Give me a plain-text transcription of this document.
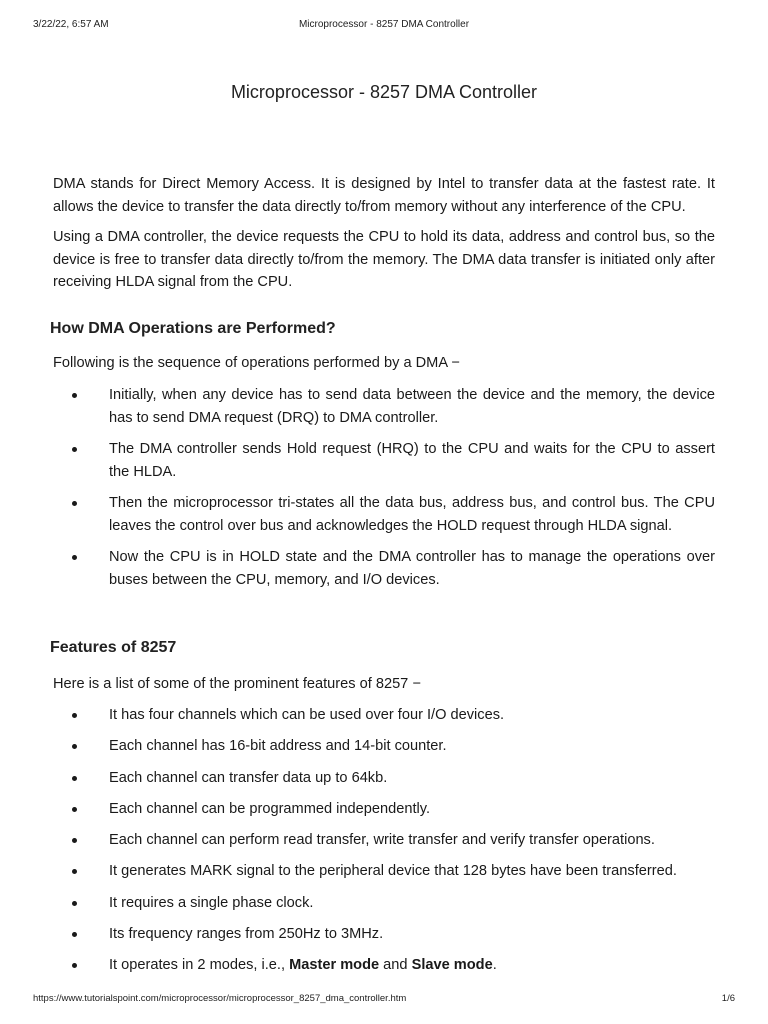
3/22/22, 6:57 AM	Microprocessor - 8257 DMA Controller
Microprocessor - 8257 DMA Controller

DMA stands for Direct Memory Access. It is designed by Intel to transfer data at the fastest rate. It allows the device to transfer the data directly to/from memory without any interference of the CPU.

Using a DMA controller, the device requests the CPU to hold its data, address and control bus, so the device is free to transfer data directly to/from the memory. The DMA data transfer is initiated only after receiving HLDA signal from the CPU.

How DMA Operations are Performed?

Following is the sequence of operations performed by a DMA −

Initially, when any device has to send data between the device and the memory, the device has to send DMA request (DRQ) to DMA controller.
The DMA controller sends Hold request (HRQ) to the CPU and waits for the CPU to assert the HLDA.
Then the microprocessor tri-states all the data bus, address bus, and control bus. The CPU leaves the control over bus and acknowledges the HOLD request through HLDA signal.
Now the CPU is in HOLD state and the DMA controller has to manage the operations over buses between the CPU, memory, and I/O devices.
Features of 8257

Here is a list of some of the prominent features of 8257 −

It has four channels which can be used over four I/O devices.
Each channel has 16-bit address and 14-bit counter.
Each channel can transfer data up to 64kb.
Each channel can be programmed independently.
Each channel can perform read transfer, write transfer and verify transfer operations.
It generates MARK signal to the peripheral device that 128 bytes have been transferred.
It requires a single phase clock.
Its frequency ranges from 250Hz to 3MHz.
It operates in 2 modes, i.e., Master mode and Slave mode.
https://www.tutorialspoint.com/microprocessor/microprocessor_8257_dma_controller.htm	1/6
